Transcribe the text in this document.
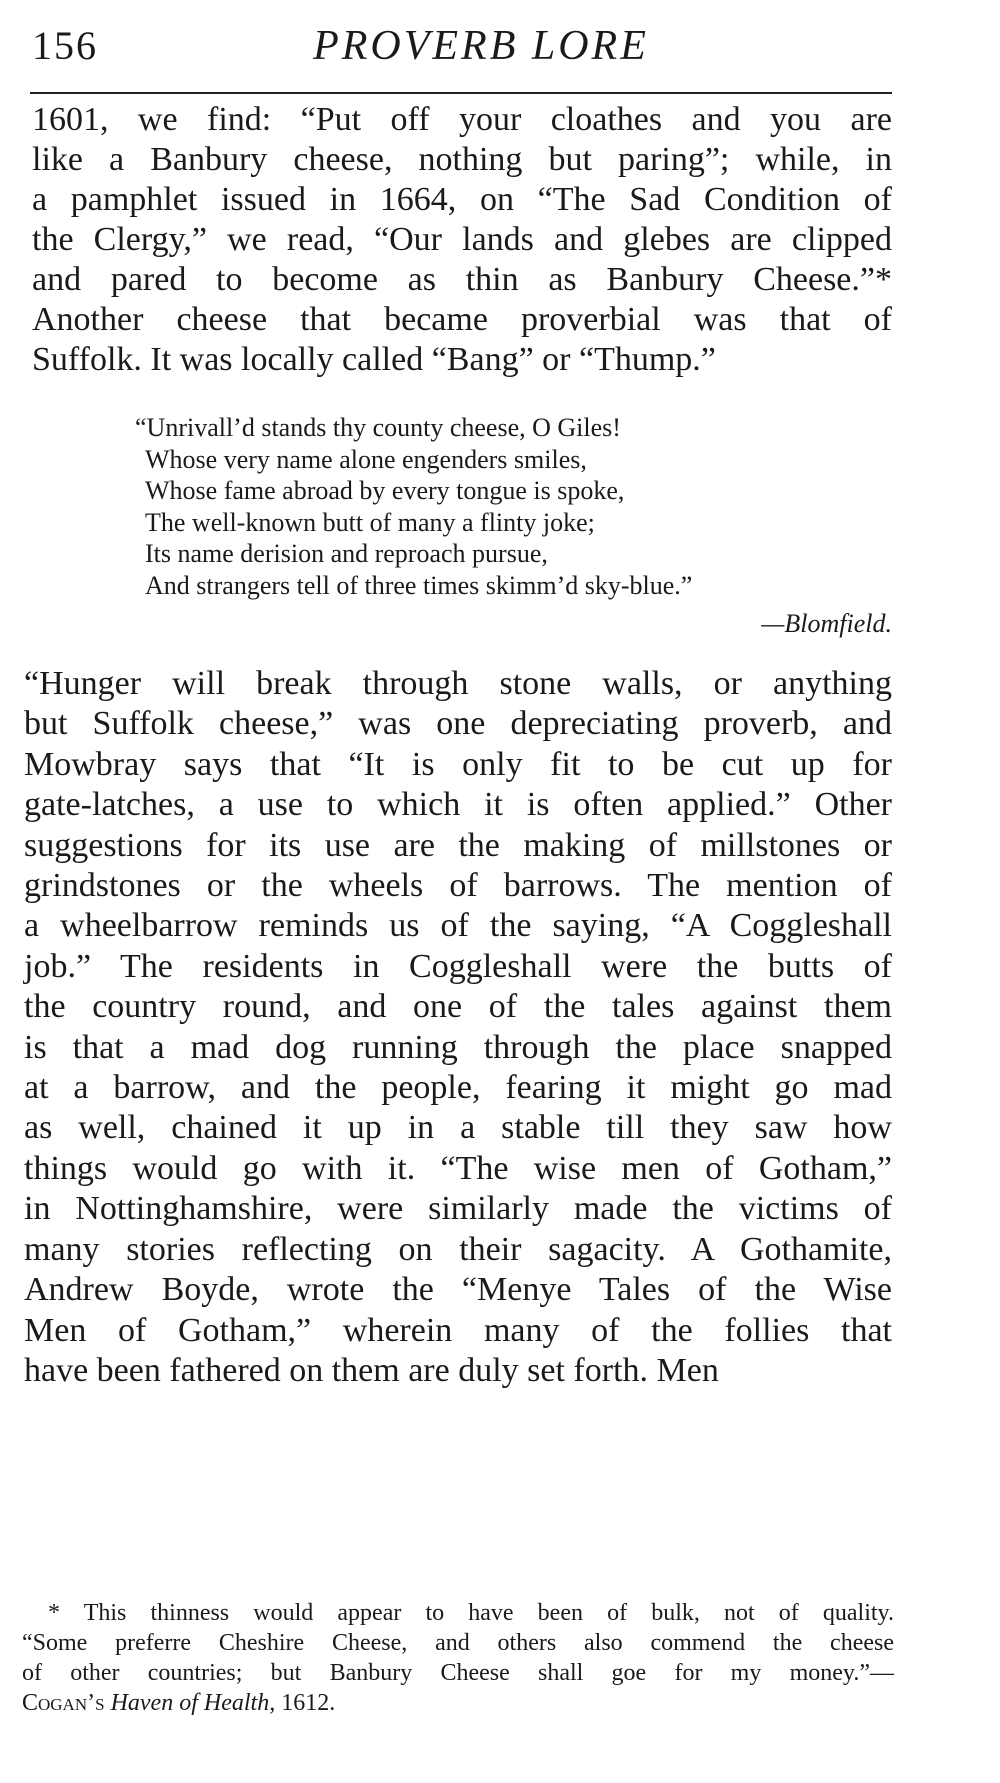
156	PROVERB LORE
1601, we find: “Put off your cloathes and you are
like a Banbury cheese, nothing but paring”; while, in
a pamphlet issued in 1664, on “The Sad Condition of
the Clergy,” we read, “Our lands and glebes are clipped
and pared to become as thin as Banbury Cheese.”*
Another cheese that became proverbial was that of
Suffolk. It was locally called “Bang” or “Thump.”
“Unrivall’d stands thy county cheese, O Giles!
Whose very name alone engenders smiles,
Whose fame abroad by every tongue is spoke,
The well-known butt of many a flinty joke;
Its name derision and reproach pursue,
And strangers tell of three times skimm’d sky-blue.”
—Blomfield.
“Hunger will break through stone walls, or anything
but Suffolk cheese,” was one depreciating proverb, and
Mowbray says that “It is only fit to be cut up for
gate-latches, a use to which it is often applied.” Other
suggestions for its use are the making of millstones or
grindstones or the wheels of barrows. The mention of
a wheelbarrow reminds us of the saying, “A Coggleshall
job.” The residents in Coggleshall were the butts of
the country round, and one of the tales against them
is that a mad dog running through the place snapped
at a barrow, and the people, fearing it might go mad
as well, chained it up in a stable till they saw how
things would go with it. “The wise men of Gotham,”
in Nottinghamshire, were similarly made the victims of
many stories reflecting on their sagacity. A Gothamite,
Andrew Boyde, wrote the “Menye Tales of the Wise
Men of Gotham,” wherein many of the follies that
have been fathered on them are duly set forth. Men
* This thinness would appear to have been of bulk, not of quality.
“Some preferre Cheshire Cheese, and others also commend the cheese
of other countries; but Banbury Cheese shall goe for my money.”—
Cogan’s Haven of Health, 1612.
